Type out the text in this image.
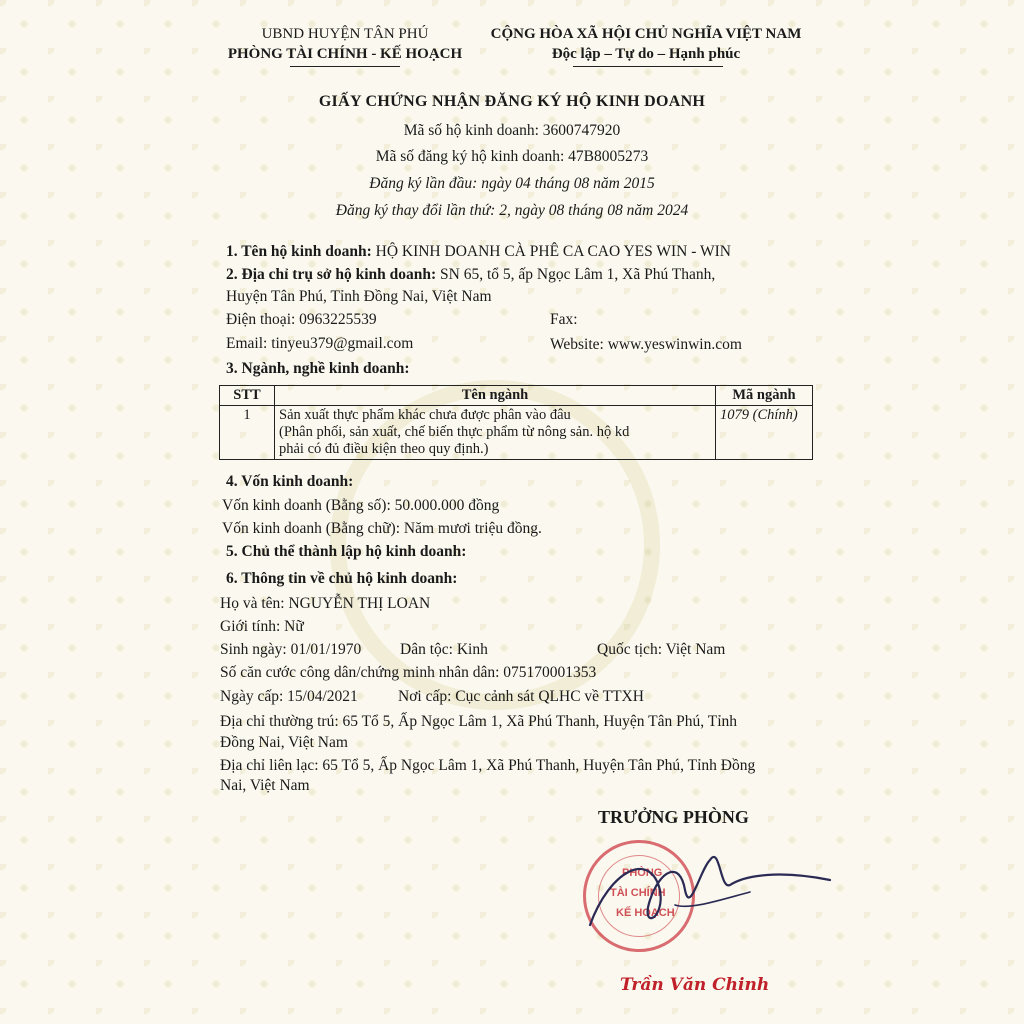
UBND HUYỆN TÂN PHÚ
PHÒNG TÀI CHÍNH - KẾ HOẠCH
CỘNG HÒA XÃ HỘI CHỦ NGHĨA VIỆT NAM
Độc lập – Tự do – Hạnh phúc
GIẤY CHỨNG NHẬN ĐĂNG KÝ HỘ KINH DOANH
Mã số hộ kinh doanh: 3600747920
Mã số đăng ký hộ kinh doanh: 47B8005273
Đăng ký lần đầu: ngày 04 tháng 08 năm 2015
Đăng ký thay đổi lần thứ: 2, ngày 08 tháng 08 năm 2024
1. Tên hộ kinh doanh: HỘ KINH DOANH CÀ PHÊ CA CAO YES WIN - WIN
2. Địa chỉ trụ sở hộ kinh doanh: SN 65, tổ 5, ấp Ngọc Lâm 1, Xã Phú Thanh,
Huyện Tân Phú, Tỉnh Đồng Nai, Việt Nam
Điện thoại: 0963225539	Fax:
Email: tinyeu379@gmail.com	Website: www.yeswinwin.com
3. Ngành, nghề kinh doanh:
STT	Tên ngành	Mã ngành
1	Sản xuất thực phẩm khác chưa được phân vào đâu
(Phân phối, sản xuất, chế biến thực phẩm từ nông sản. hộ kd
phải có đủ điều kiện theo quy định.)	1079 (Chính)
4. Vốn kinh doanh:
Vốn kinh doanh (Bằng số): 50.000.000 đồng
Vốn kinh doanh (Bằng chữ): Năm mươi triệu đồng.
5. Chủ thể thành lập hộ kinh doanh:
6. Thông tin về chủ hộ kinh doanh:
Họ và tên: NGUYỄN THỊ LOAN
Giới tính: Nữ
Sinh ngày: 01/01/1970	Dân tộc: Kinh	Quốc tịch: Việt Nam
Số căn cước công dân/chứng minh nhân dân: 075170001353
Ngày cấp: 15/04/2021	Nơi cấp: Cục cảnh sát QLHC về TTXH
Địa chỉ thường trú: 65 Tổ 5, Ấp Ngọc Lâm 1, Xã Phú Thanh, Huyện Tân Phú, Tỉnh
Đồng Nai, Việt Nam
Địa chỉ liên lạc: 65 Tổ 5, Ấp Ngọc Lâm 1, Xã Phú Thanh, Huyện Tân Phú, Tỉnh Đồng
Nai, Việt Nam
TRƯỞNG PHÒNG
PHÒNG
TÀI CHÍNH
KẾ HOẠCH
Trần Văn Chinh
